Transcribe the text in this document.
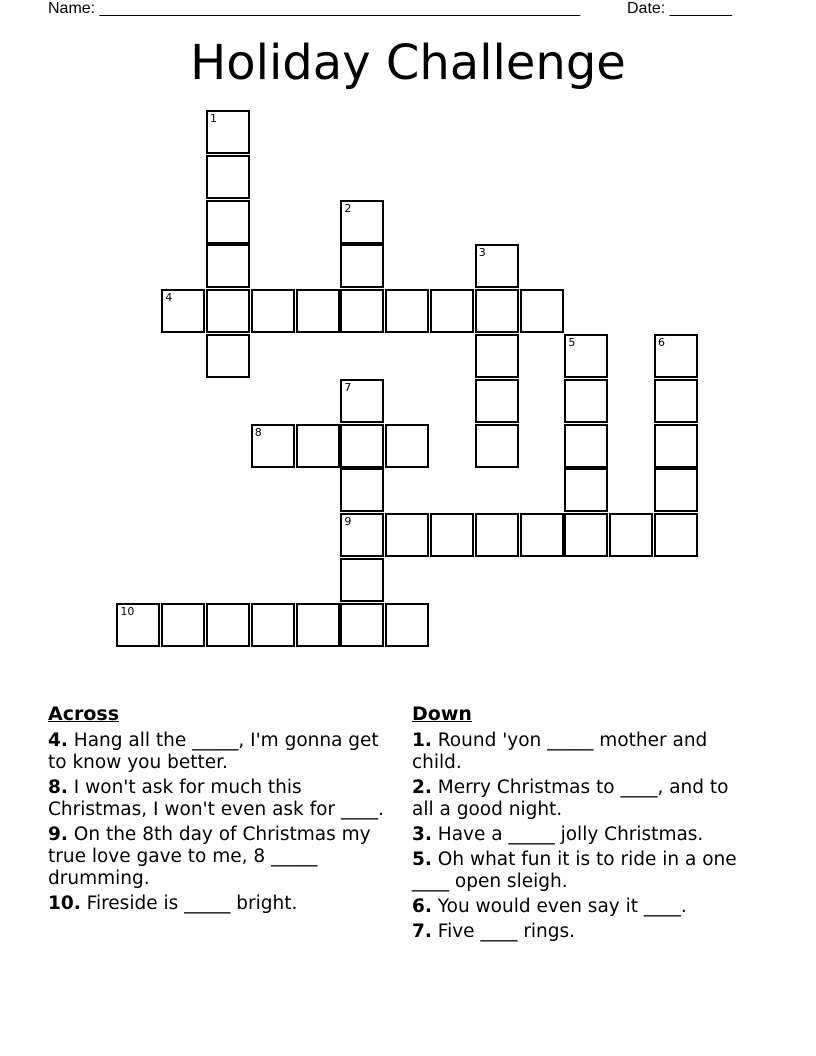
Name: ______________________________________________________	Date: _______
Holiday Challenge
1
2
3
4
5	6
7
9
8
10
Across
4. Hang all the _____, I'm gonna get to know you better.
8. I won't ask for much this Christmas, I won't even ask for ____.
9. On the 8th day of Christmas my true love gave to me, 8 _____ drumming.
10. Fireside is _____ bright.
Down
1. Round 'yon _____ mother and child.
2. Merry Christmas to ____, and to all a good night.
3. Have a _____ jolly Christmas.
5. Oh what fun it is to ride in a one ____ open sleigh.
6. You would even say it ____.
7. Five ____ rings.
